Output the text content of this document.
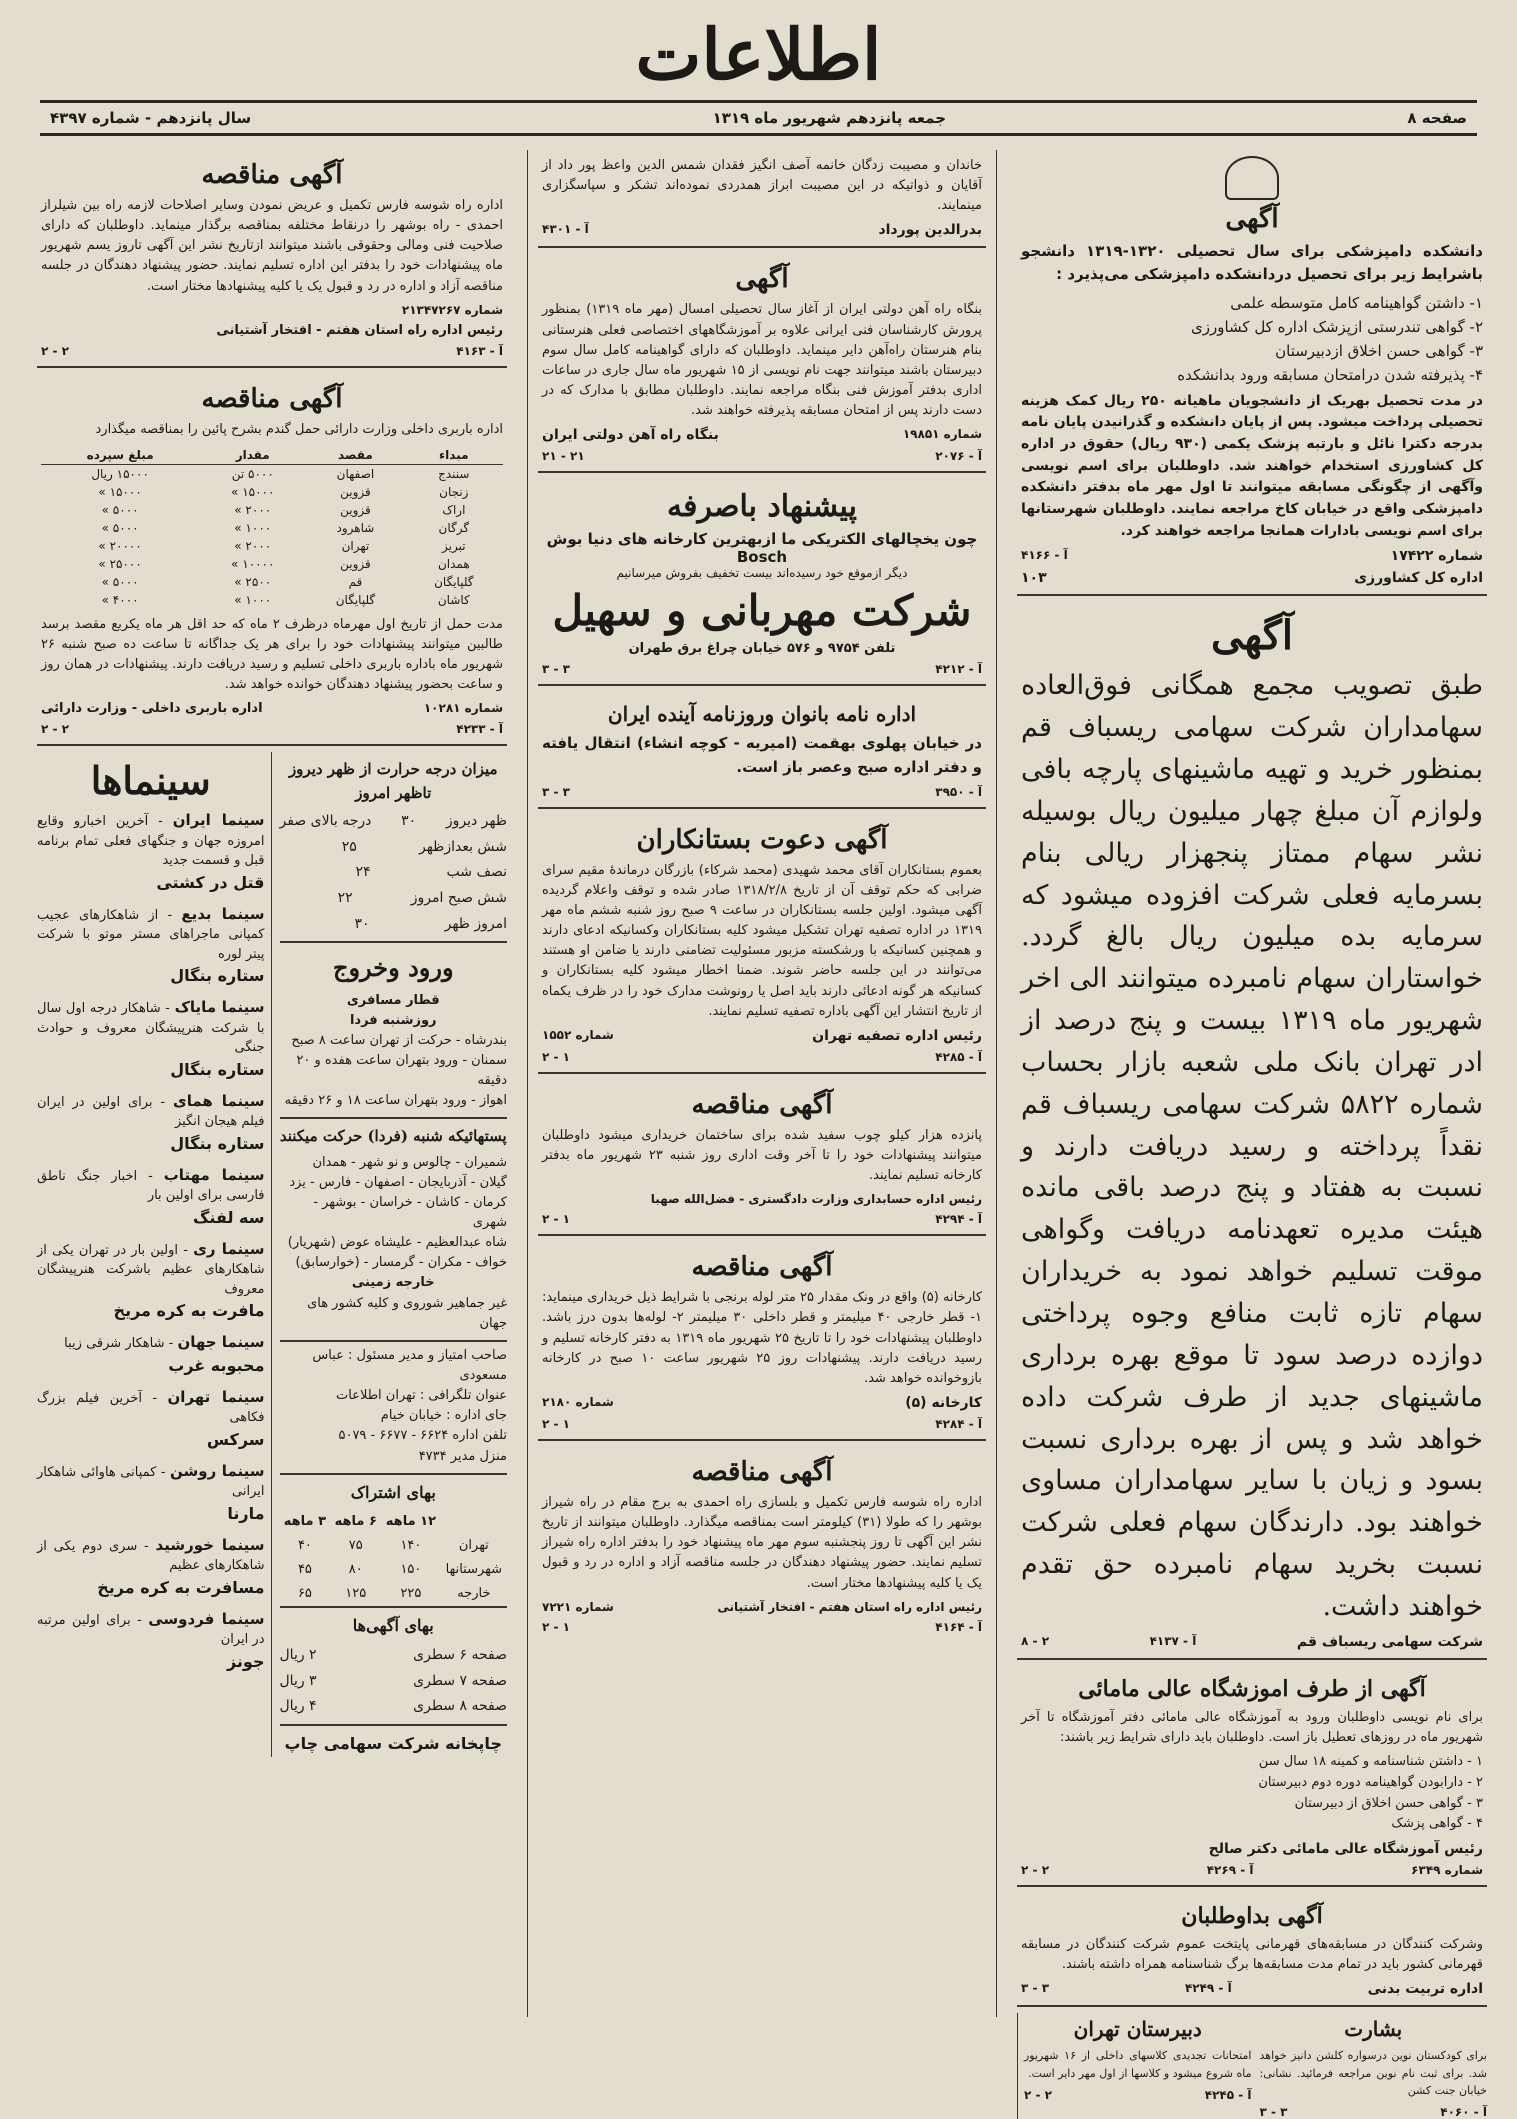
اطلاعات
صفحه ۸
جمعه پانزدهم شهریور ماه ۱۳۱۹
سال پانزدهم - شماره ۴۳۹۷
آگهی
دانشکده دامپزشکی برای سال تحصیلی ۱۳۲۰-۱۳۱۹ دانشجو باشرایط زیر برای تحصیل دردانشکده دامپزشکی می‌پذیرد :
۱- داشتن گواهینامه کامل متوسطه علمی
۲- گواهی تندرستی ازپزشک اداره کل کشاورزی
۳- گواهی حسن اخلاق ازدبیرستان
۴- پذیرفته شدن درامتحان مسابقه ورود بدانشکده
در مدت تحصیل بهریک از دانشجویان ماهیانه ۲۵۰ ریال کمک هزینه تحصیلی پرداخت میشود. پس از پایان دانشکده و گذرانیدن پایان نامه بدرجه دکترا نائل و بارتبه پزشک یکمی (۹۳۰ ریال) حقوق در اداره کل کشاورزی استخدام خواهند شد. داوطلبان برای اسم نویسی وآگهی از چگونگی مسابقه میتوانند تا اول مهر ماه بدفتر دانشکده دامپزشکی واقع در خیابان کاخ مراجعه نمایند. داوطلبان شهرستانها برای اسم نویسی بادارات همانجا مراجعه خواهند کرد.
شماره ۱۷۴۲۲
آ - ۴۱۶۶
اداره کل کشاورزی
۱۰۳
آگهی
طبق تصویب مجمع همگانی فوق‌العاده سهامداران شرکت سهامی ریسباف قم بمنظور خرید و تهیه ماشینهای پارچه بافی ولوازم آن مبلغ چهار میلیون ریال بوسیله نشر سهام ممتاز پنجهزار ریالی بنام بسرمایه فعلی شرکت افزوده میشود که سرمایه بده میلیون ریال بالغ گردد. خواستاران سهام نامبرده میتوانند الی اخر شهریور ماه ۱۳۱۹ بیست و پنج درصد از ادر تهران بانک ملی شعبه بازار بحساب شماره ۵۸۲۲ شرکت سهامی ریسباف قم نقداً پرداخته و رسید دریافت دارند و نسبت به هفتاد و پنج درصد باقی مانده هیئت مدیره تعهدنامه دریافت وگواهی موقت تسلیم خواهد نمود به خریداران سهام تازه ثابت منافع وجوه پرداختی دوازده درصد سود تا موقع بهره برداری ماشینهای جدید از طرف شرکت داده خواهد شد و پس از بهره برداری نسبت بسود و زیان با سایر سهامداران مساوی خواهند بود. دارندگان سهام فعلی شرکت نسبت بخرید سهام نامبرده حق تقدم خواهند داشت.
شرکت سهامی ریسباف قم
آ - ۴۱۳۷
۲ - ۸
آگهی از طرف اموزشگاه عالی مامائی
برای نام نویسی داوطلبان ورود به آموزشگاه عالی مامائی دفتر آموزشگاه تا آخر شهریور ماه در روزهای تعطیل باز است. داوطلبان باید دارای شرایط زیر باشند:
۱ - داشتن شناسنامه و کمینه ۱۸ سال سن
۲ - دارابودن گواهینامه دوره دوم دبیرستان
۳ - گواهی حسن اخلاق از دبیرستان
۴ - گواهی پزشک
رئیس آموزشگاه عالی مامائی دکتر صالح
شماره ۶۳۴۹
آ - ۴۲۶۹
۲ - ۲
آگهی بداوطلبان
وشرکت کنندگان در مسابقه‌های قهرمانی پایتخت عموم شرکت کنندگان در مسابقه قهرمانی کشور باید در تمام مدت مسابقه‌ها برگ شناسنامه همراه داشته باشند.
اداره تربیت بدنی
آ - ۴۲۴۹
۳ - ۳
بشارت
برای کودکستان نوین درسواره کلشن دانیز خواهد شد. برای ثبت نام نوین مراجعه فرمائید. نشانی: خیابان جنت کشن
آ - ۴۰۶۰
۳ - ۳
دبیرستان تهران
امتحانات تجدیدی کلاسهای داخلی از ۱۶ شهریور ماه شروع میشود و کلاسها از اول مهر دایر است.
آ - ۴۲۴۵
۲ - ۲
خاندان و مصیبت زدگان خانمه آصف انگیز فقدان شمس الدین واعظ پور داد از آقایان و ذواتیکه در این مصیبت ابراز همدردی نموده‌اند تشکر و سپاسگزاری مینمایند.
بدرالدین پورداد
آ - ۴۳۰۱
آگهی
بنگاه راه آهن دولتی ایران از آغاز سال تحصیلی امسال (مهر ماه ۱۳۱۹) بمنظور پرورش کارشناسان فنی ایرانی علاوه بر آموزشگاههای اختصاصی فعلی هنرستانی بنام هنرستان راه‌آهن دایر مینماید. داوطلبان که دارای گواهینامه کامل سال سوم دبیرستان باشند میتوانند جهت نام نویسی از ۱۵ شهریور ماه سال جاری در ساعات اداری بدفتر آموزش فنی بنگاه مراجعه نمایند. داوطلبان مطابق با مدارک که در دست دارند پس از امتحان مسابقه پذیرفته خواهند شد.
شماره ۱۹۸۵۱
بنگاه راه آهن دولتی ایران
آ - ۲۰۷۶
۲۱ - ۲۱
پیشنهاد باصرفه
چون یخچالهای الکتریکی ما ازبهترین کارخانه های دنیا بوش Bosch
دیگر ازموقع خود رسیده‌اند بیست تخفیف بفروش میرسانیم
شرکت مهربانی و سهیل
تلفن ۹۷۵۴ و ۵۷۶ خیابان چراغ برق طهران
آ - ۴۲۱۲
۳ - ۳
اداره نامه بانوان وروزنامه آینده ایران
در خیابان پهلوی بهقمت (امیریه - کوچه انشاء) انتقال یافته و دفتر اداره صبح وعصر باز است.
آ - ۳۹۵۰
۳ - ۳
آگهی دعوت بستانکاران
بعموم بستانکاران آقای محمد شهیدی (محمد شرکاء) بازرگان درماندهٔ مقیم سرای ضرابی که حکم توقف آن از تاریخ ۱۳۱۸/۲/۸ صادر شده و توقف واعلام گردیده آگهی میشود. اولین جلسه بستانکاران در ساعت ۹ صبح روز شنبه ششم ماه مهر ۱۳۱۹ در اداره تصفیه تهران تشکیل میشود کلیه بستانکاران وکسانیکه ادعای دارند و همچنین کسانیکه با ورشکسته مزبور مسئولیت تضامنی دارند یا ضامن او هستند می‌توانند در این جلسه حاضر شوند. ضمنا اخطار میشود کلیه بستانکاران و کسانیکه هر گونه ادعائی دارند باید اصل یا رونوشت مدارک خود را در ظرف یکماه از تاریخ انتشار این آگهی باداره تصفیه تسلیم نمایند.
رئیس اداره تصفیه تهران
شماره ۱۵۵۲
آ - ۴۲۸۵
۱ - ۲
آگهی مناقصه
پانزده هزار کیلو چوب سفید شده برای ساختمان خریداری میشود داوطلبان میتوانند پیشنهادات خود را تا آخر وقت اداری روز شنبه ۲۳ شهریور ماه بدفتر کارخانه تسلیم نمایند.
رئیس اداره حسابداری وزارت دادگستری - فضل‌الله صهبا
آ - ۴۲۹۴
۱ - ۲
آگهی مناقصه
کارخانه (۵) واقع در ونک مقدار ۲۵ متر لوله برنجی با شرایط ذیل خریداری مینماید: ۱- قطر خارجی ۴۰ میلیمتر و قطر داخلی ۳۰ میلیمتر ۲- لوله‌ها بدون درز باشد. داوطلبان پیشنهادات خود را تا تاریخ ۲۵ شهریور ماه ۱۳۱۹ به دفتر کارخانه تسلیم و رسید دریافت دارند. پیشنهادات روز ۲۵ شهریور ساعت ۱۰ صبح در کارخانه بازوخوانده خواهد شد.
کارخانه (۵)
شماره ۲۱۸۰
آ - ۴۲۸۴
۱ - ۲
آگهی مناقصه
اداره راه شوسه فارس تکمیل و بلسازی راه احمدی به برج مقام در راه شیراز بوشهر را که طولا (۳۱) کیلومتر است بمناقصه میگذارد. داوطلبان میتوانند از تاریخ نشر این آگهی تا روز پنجشنبه سوم مهر ماه پیشنهاد خود را بدفتر اداره راه شیراز تسلیم نمایند. حضور پیشنهاد دهندگان در جلسه مناقصه آزاد و اداره در رد و قبول یک یا کلیه پیشنهادها مختار است.
رئیس اداره راه استان هفتم - افتخار آشتیانی
شماره ۷۲۲۱
آ - ۴۱۶۴
۱ - ۲
آگهی مناقصه
اداره راه شوسه فارس تکمیل و عریض نمودن وسایر اصلاحات لازمه راه بین شیلراز احمدی - راه بوشهر را درنقاط مختلفه بمناقصه برگذار مینماید. داوطلبان که دارای صلاحیت فنی ومالی وحقوقی باشند میتوانند ازتاریخ نشر این آگهی تاروز یسم شهریور ماه پیشنهادات خود را بدفتر این اداره تسلیم نمایند. حضور پیشنهاد دهندگان در جلسه مناقصه آزاد و اداره در رد و قبول یک یا کلیه پیشنهادها مختار است.
شماره ۲۱۳۴۷۲۶۷
رئیس اداره راه استان هفتم - افتخار آشتیانی
آ - ۴۱۶۳
۲ - ۲
آگهی مناقصه
اداره باربری داخلی وزارت دارائی حمل گندم بشرح پائین را بمناقصه میگذارد
مبداء	مقصد	مقدار	مبلغ سپرده
سنندج	اصفهان	۵۰۰۰ تن	۱۵۰۰۰ ریال
زنجان	قزوین	۱۵۰۰۰ »	۱۵۰۰۰ »
اراک	قزوین	۲۰۰۰ »	۵۰۰۰ »
گرگان	شاهرود	۱۰۰۰ »	۵۰۰۰ »
تبریز	تهران	۲۰۰۰ »	۲۰۰۰۰ »
همدان	قزوین	۱۰۰۰۰ »	۲۵۰۰۰ »
گلپایگان	قم	۲۵۰۰ »	۵۰۰۰ »
کاشان	گلپایگان	۱۰۰۰ »	۴۰۰۰ »
مدت حمل از تاریخ اول مهرماه درظرف ۲ ماه که حد اقل هر ماه یکربع مقصد برسد طالبین میتوانند پیشنهادات خود را برای هر یک جداگانه تا ساعت ده صبح شنبه ۲۶ شهریور ماه باداره باربری داخلی تسلیم و رسید دریافت دارند. پیشنهادات در همان روز و ساعت بحضور پیشنهاد دهندگان خوانده خواهد شد.
شماره ۱۰۲۸۱
اداره باربری داخلی - وزارت دارائی
آ - ۴۲۳۳
۲ - ۲
سینماها
سینما ایران - آخرین اخبارو وقایع امروزه جهان و جنگهای فعلی تمام برنامه قبل و قسمت جدید
قتل در کشتی
سینما بدیع - از شاهکارهای عجیب کمپانی ماجراهای مستر موتو با شرکت پیتر لوره
ستاره بنگال
سینما مایاک - شاهکار درجه اول سال با شرکت هنرپیشگان معروف و حوادث جنگی
ستاره بنگال
سینما همای - برای اولین در ایران فیلم هیجان انگیز
ستاره بنگال
سینما مهتاب - اخبار جنگ ناطق فارسی برای اولین بار
سه لفنگ
سینما ری - اولین بار در تهران یکی از شاهکارهای عظیم باشرکت هنرپیشگان معروف
مافرت به کره مریخ
سینما جهان - شاهکار شرقی زیبا
محبوبه غرب
سینما تهران - آخرین فیلم بزرگ فکاهی
سرکس
سینما روشن - کمپانی هاوائی شاهکار ایرانی
مارنا
سینما خورشید - سری دوم یکی از شاهکارهای عظیم
مسافرت به کره مریخ
سینما فردوسی - برای اولین مرتبه در ایران
جونز
میزان درجه حرارت از ظهر دیروز تاظهر امروز
ظهر دیروز
۳۰
درجه بالای صفر
شش بعدازظهر
۲۵
نصف شب
۲۴
شش صبح امروز
۲۲
امروز ظهر
۳۰
ورود وخروج
قطار مسافری
روزشنبه فردا
بندرشاه - حرکت از تهران ساعت ۸ صبح
سمنان - ورود بتهران ساعت هفده و ۲۰ دقیقه
اهواز - ورود بتهران ساعت ۱۸ و ۲۶ دقیقه
پستهائیکه شنبه (فردا) حرکت میکنند
شمیران - چالوس و نو شهر - همدان
گیلان - آذربایجان - اصفهان - فارس - یزد
کرمان - کاشان - خراسان - بوشهر - شهری
شاه عبدالعظیم - علیشاه عوض (شهریار)
خواف - مکران - گرمسار - (خوارسابق)
خارجه زمینی
غیر جماهیر شوروی و کلیه کشور های جهان
صاحب امتیاز و مدیر مسئول : عباس مسعودی
عنوان تلگرافی : تهران اطلاعات
جای اداره : خیابان خیام
تلفن اداره ۶۶۲۴ - ۶۶۷۷ - ۵۰۷۹
منزل مدیر ۴۷۳۴
بهای اشتراک
	۱۲ ماهه	۶ ماهه	۳ ماهه
تهران	۱۴۰	۷۵	۴۰
شهرستانها	۱۵۰	۸۰	۴۵
خارجه	۲۲۵	۱۲۵	۶۵
بهای آگهی‌ها
صفحه ۶ سطری
۲ ریال
صفحه ۷ سطری
۳ ریال
صفحه ۸ سطری
۴ ریال
چاپخانه شرکت سهامی چاپ
